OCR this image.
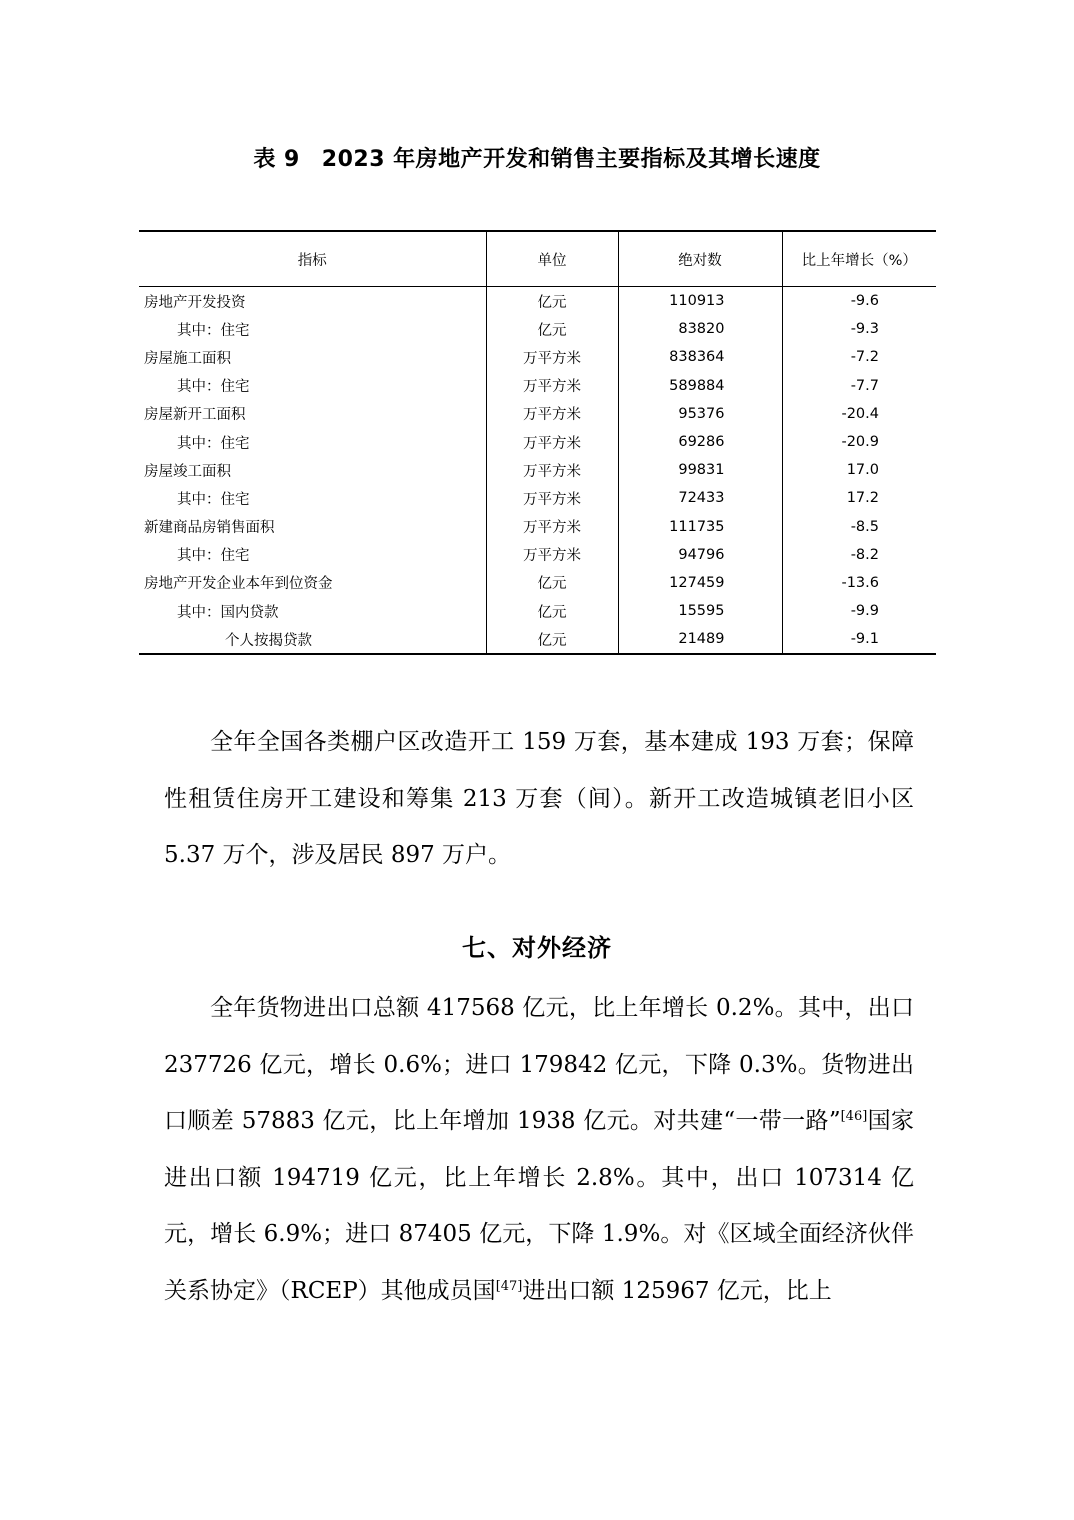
表 9 2023 年房地产开发和销售主要指标及其增长速度
指标	单位	绝对数	比上年增长（%）
房地产开发投资	亿元	110913	-9.6
其中：住宅	亿元	83820	-9.3
房屋施工面积	万平方米	838364	-7.2
其中：住宅	万平方米	589884	-7.7
房屋新开工面积	万平方米	95376	-20.4
其中：住宅	万平方米	69286	-20.9
房屋竣工面积	万平方米	99831	17.0
其中：住宅	万平方米	72433	17.2
新建商品房销售面积	万平方米	111735	-8.5
其中：住宅	万平方米	94796	-8.2
房地产开发企业本年到位资金	亿元	127459	-13.6
其中：国内贷款	亿元	15595	-9.9
个人按揭贷款	亿元	21489	-9.1

全年全国各类棚户区改造开工 159 万套，基本建成 193 万套；保障性租赁住房开工建设和筹集 213 万套（间）。新开工改造城镇老旧小区 5.37 万个，涉及居民 897 万户。

七、对外经济

全年货物进出口总额 417568 亿元，比上年增长 0.2%。其中，出口 237726 亿元，增长 0.6%；进口 179842 亿元，下降 0.3%。货物进出口顺差 57883 亿元，比上年增加 1938 亿元。对共建“一带一路”[46]国家进出口额 194719 亿元，比上年增长 2.8%。其中，出口 107314 亿元，增长 6.9%；进口 87405 亿元，下降 1.9%。对《区域全面经济伙伴关系协定》（RCEP）其他成员国[47]进出口额 125967 亿元，比上
